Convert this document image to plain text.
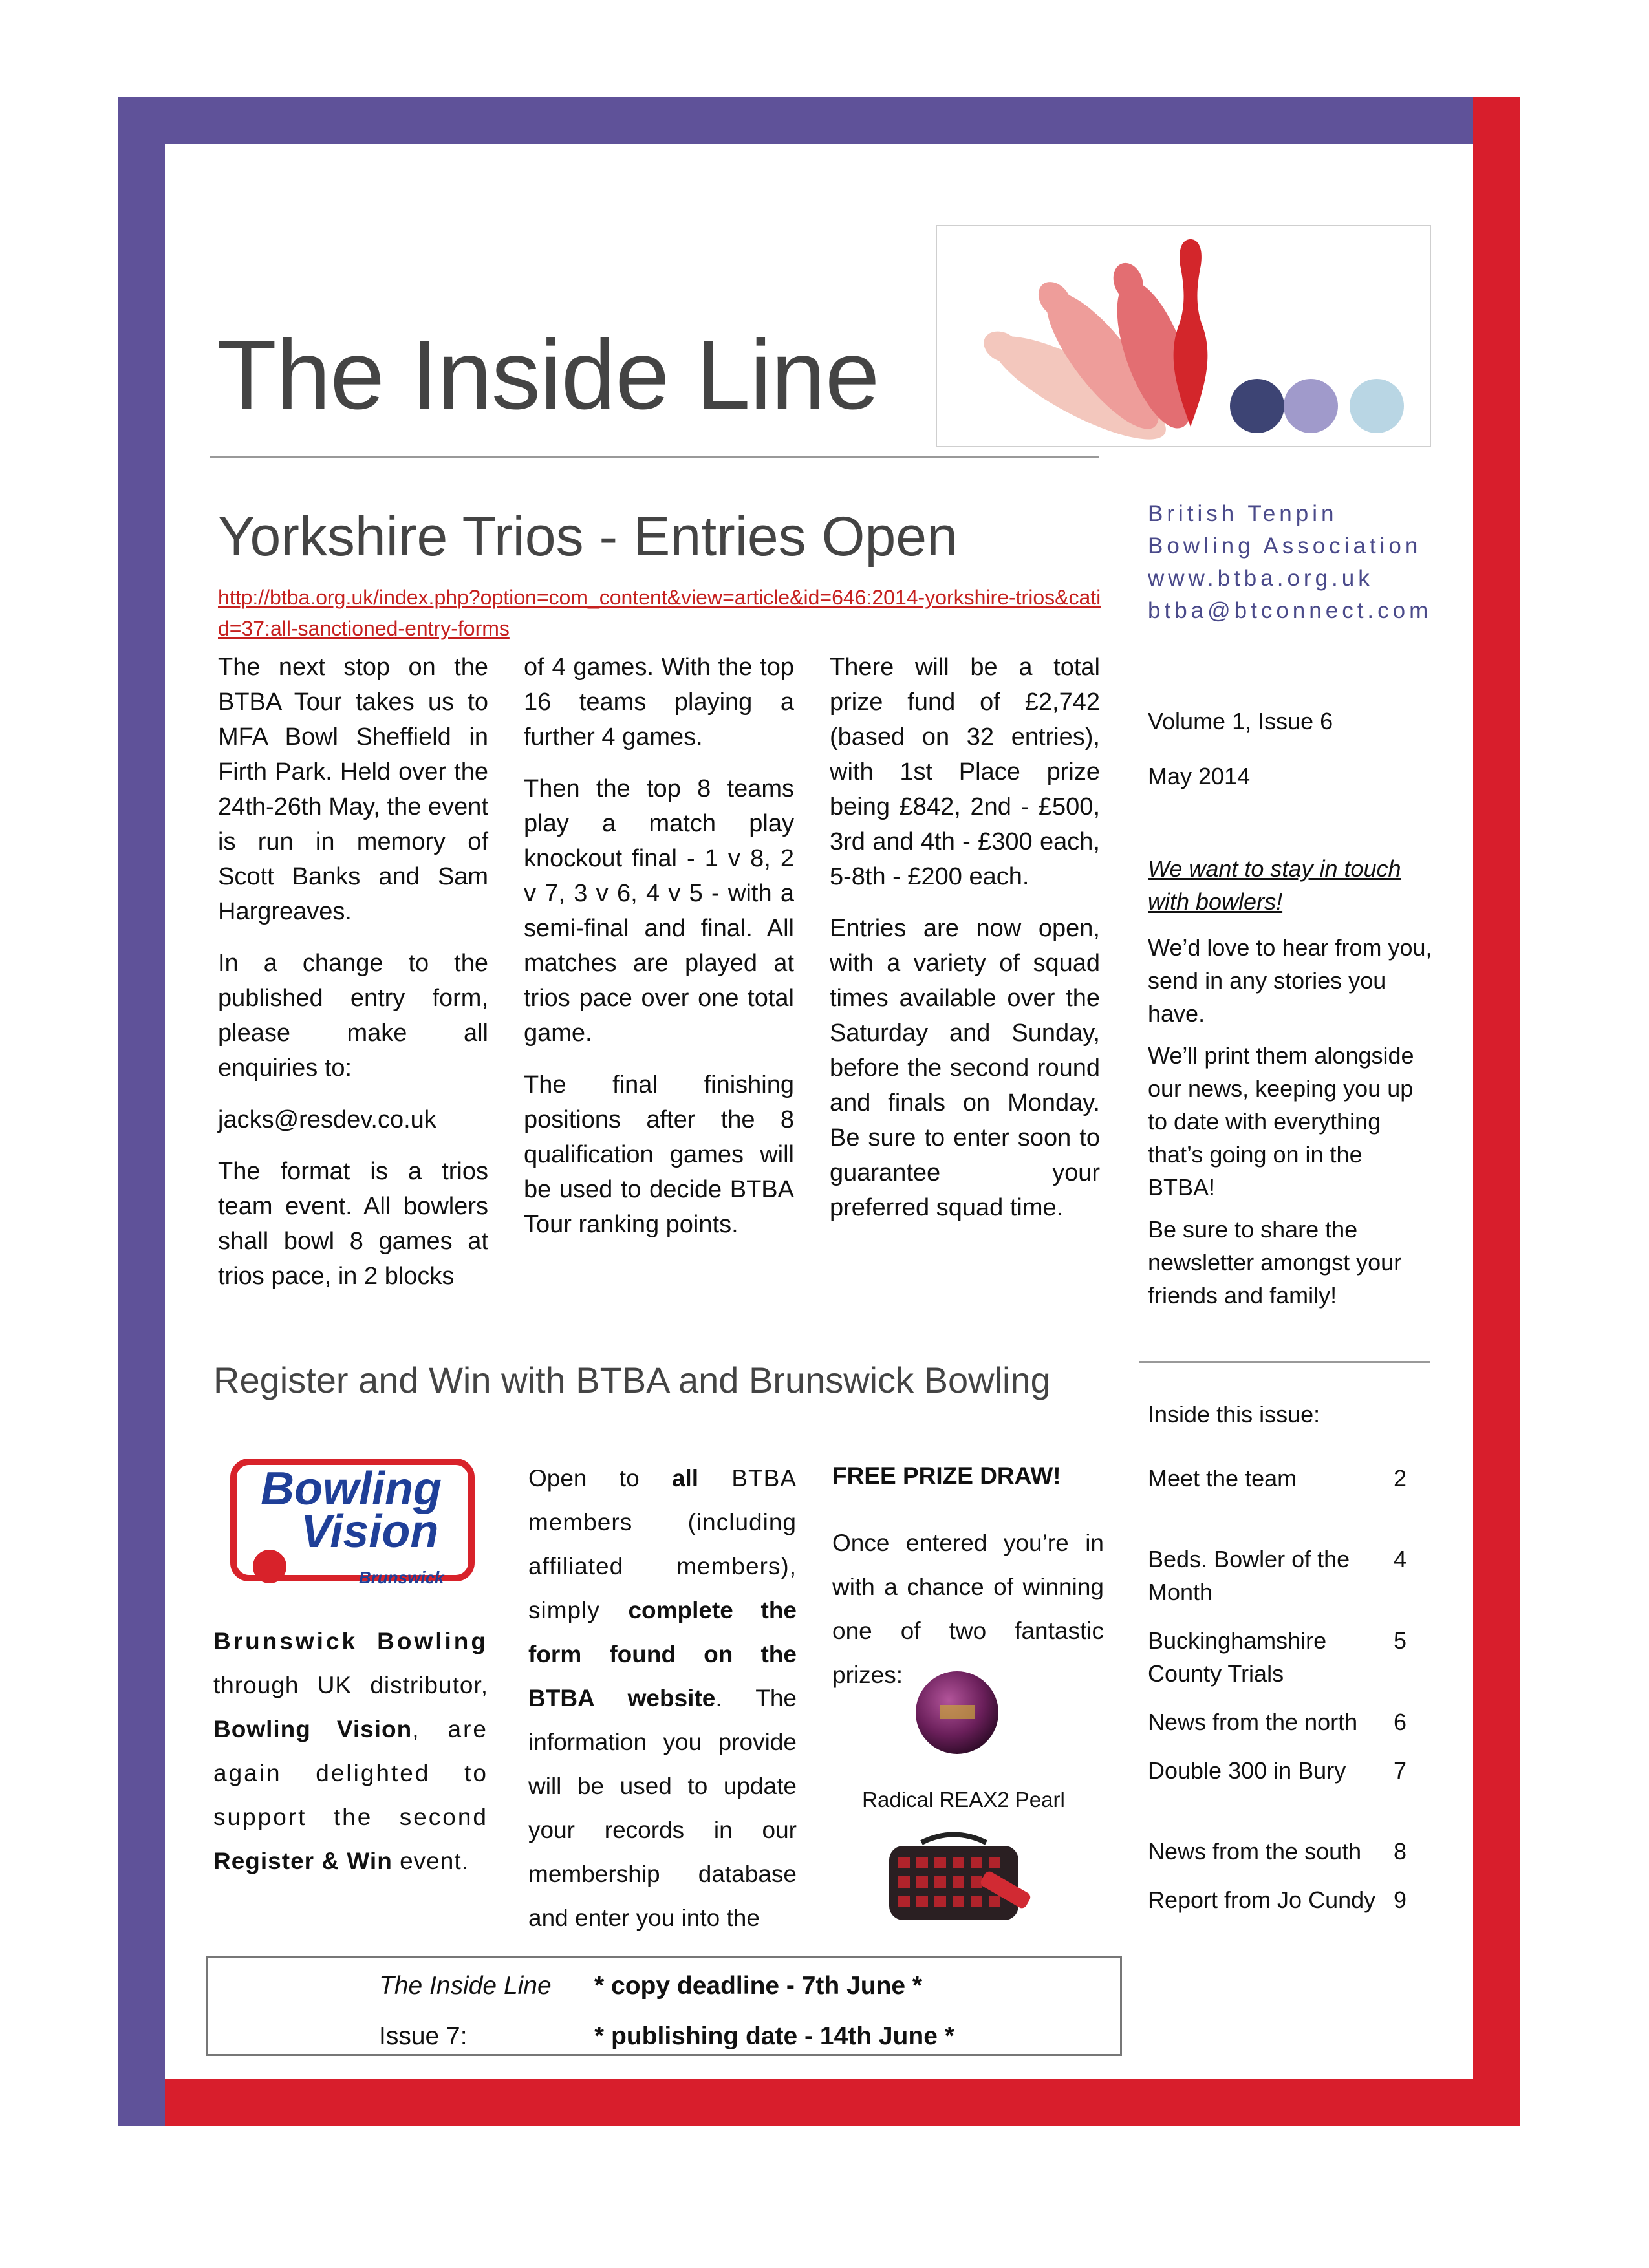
The Inside Line
British Tenpin
Bowling Association
www.btba.org.uk
btba@btconnect.com
Volume 1, Issue 6
May 2014

We want to stay in touch with bowlers!

We’d love to hear from you, send in any stories you have.

We’ll print them alongside our news, keeping you up to date with everything that’s going on in the BTBA!

Be sure to share the newsletter amongst your friends and family!

Inside this issue:
Meet the team	2
Beds. Bowler of the Month
4
Buckinghamshire County Trials
5
News from the north	6
Double 300 in Bury	7
News from the south	8
Report from Jo Cundy 9
Yorkshire Trios - Entries Open
http://btba.org.uk/index.php?option=com_content&view=article&id=646:2014-yorkshire-trios&catid=37:all-sanctioned-entry-forms

The next stop on the BTBA Tour takes us to MFA Bowl Sheffield in Firth Park. Held over the 24th-26th May, the event is run in memory of Scott Banks and Sam Hargreaves.

In a change to the published entry form, please make all enquiries to:

jacks@resdev.co.uk

The format is a trios team event. All bowlers shall bowl 8 games at trios pace, in 2 blocks

of 4 games. With the top 16 teams playing a further 4 games.

Then the top 8 teams play a match play knockout final - 1 v 8, 2 v 7, 3 v 6, 4 v 5 - with a semi-final and final. All matches are played at trios pace over one total game.

The final finishing positions after the 8 qualification games will be used to decide BTBA Tour ranking points.

There will be a total prize fund of £2,742 (based on 32 entries), with 1st Place prize being £842, 2nd - £500, 3rd and 4th - £300 each, 5-8th - £200 each.

Entries are now open, with a variety of squad times available over the Saturday and Sunday, before the second round and finals on Monday. Be sure to enter soon to guarantee your preferred squad time.

Register and Win with BTBA and Brunswick Bowling
Bowling
Vision
Brunswick

Brunswick Bowling through UK distributor, Bowling Vision, are again delighted to support the second Register & Win event.

Open to all BTBA members (including affiliated members), simply complete the form found on the BTBA website. The information you provide will be used to update your records in our membership database and enter you into the

FREE PRIZE DRAW!
Once entered you’re in with a chance of winning one of two fantastic prizes:
Radical REAX2 Pearl
The Inside Line * copy deadline - 7th June *
Issue 7:	* publishing date - 14th June *
